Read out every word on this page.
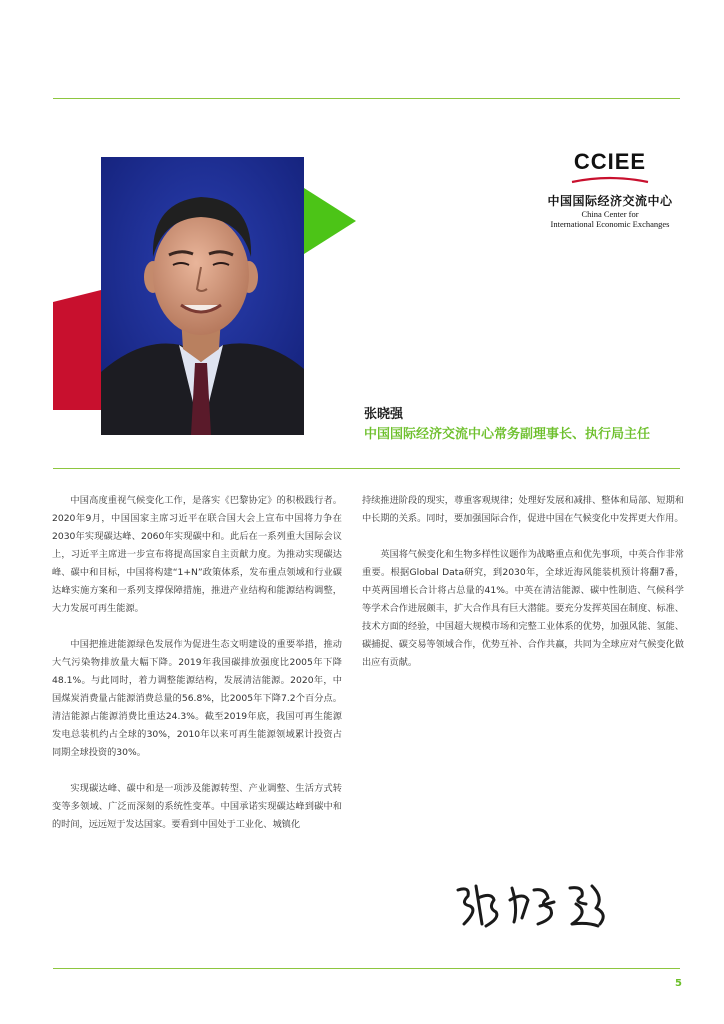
CCIEE
中国国际经济交流中心
China Center for
International Economic Exchanges
张晓强
中国国际经济交流中心常务副理事长、执行局主任

中国高度重视气候变化工作，是落实《巴黎协定》的积极践行者。2020年9月，中国国家主席习近平在联合国大会上宣布中国将力争在2030年实现碳达峰、2060年实现碳中和。此后在一系列重大国际会议上，习近平主席进一步宣布将提高国家自主贡献力度。为推动实现碳达峰、碳中和目标，中国将构建“1+N”政策体系，发布重点领域和行业碳达峰实施方案和一系列支撑保障措施，推进产业结构和能源结构调整，大力发展可再生能源。

中国把推进能源绿色发展作为促进生态文明建设的重要举措，推动大气污染物排放量大幅下降。2019年我国碳排放强度比2005年下降48.1%。与此同时，着力调整能源结构，发展清洁能源。2020年，中国煤炭消费量占能源消费总量的56.8%，比2005年下降7.2个百分点。清洁能源占能源消费比重达24.3%。截至2019年底，我国可再生能源发电总装机约占全球的30%，2010年以来可再生能源领域累计投资占同期全球投资的30%。

实现碳达峰、碳中和是一项涉及能源转型、产业调整、生活方式转变等多领域、广泛而深刻的系统性变革。中国承诺实现碳达峰到碳中和的时间，远远短于发达国家。要看到中国处于工业化、城镇化

持续推进阶段的现实，尊重客观规律；处理好发展和减排、整体和局部、短期和中长期的关系。同时，要加强国际合作，促进中国在气候变化中发挥更大作用。

英国将气候变化和生物多样性议题作为战略重点和优先事项，中英合作非常重要。根据Global Data研究，到2030年，全球近海风能装机预计将翻7番，中英两国增长合计将占总量的41%。中英在清洁能源、碳中性制造、气候科学等学术合作进展颇丰，扩大合作具有巨大潜能。要充分发挥英国在制度、标准、技术方面的经验，中国超大规模市场和完整工业体系的优势，加强风能、氢能、碳捕捉、碳交易等领域合作，优势互补、合作共赢，共同为全球应对气候变化做出应有贡献。

5
